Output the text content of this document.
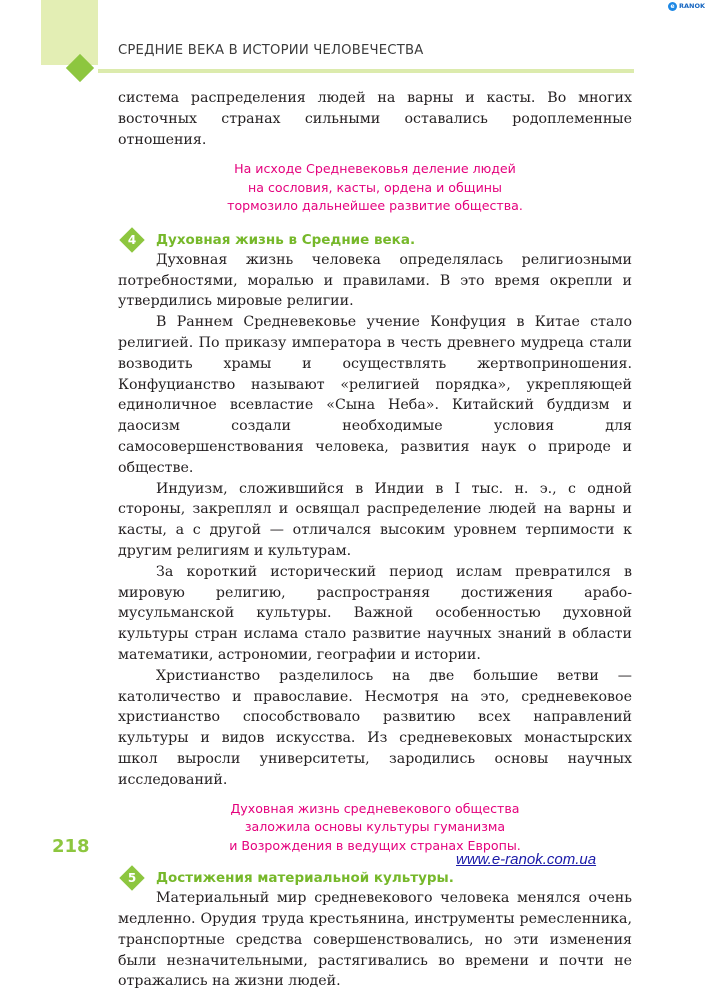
СРЕДНИЕ ВЕКА В ИСТОРИИ ЧЕЛОВЕЧЕСТВА
e RANOK

система распределения людей на варны и касты. Во многих восточных странах сильными оставались родоплеменные отношения.

На исходе Средневековья деление людей
на сословия, касты, ордена и общины
тормозило дальнейшее развитие общества.
4	Духовная жизнь в Средние века.

Духовная жизнь человека определялась религиозными потребностями, моралью и правилами. В это время окрепли и утвердились мировые религии.

В Раннем Средневековье учение Конфуция в Китае стало религией. По приказу императора в честь древнего мудреца стали возводить храмы и осуществлять жертвоприношения. Конфуцианство называют «религией порядка», укрепляющей единоличное всевластие «Сына Неба». Китайский буддизм и даосизм создали необходимые условия для самосовершенствования человека, развития наук о природе и обществе.

Индуизм, сложившийся в Индии в I тыс. н. э., с одной стороны, закреплял и освящал распределение людей на варны и касты, а с другой — отличался высоким уровнем терпимости к другим религиям и культурам.

За короткий исторический период ислам превратился в мировую религию, распространяя достижения арабо-мусульманской культуры. Важной особенностью духовной культуры стран ислама стало развитие научных знаний в области математики, астрономии, географии и истории.

Христианство разделилось на две большие ветви — католичество и православие. Несмотря на это, средневековое христианство способствовало развитию всех направлений культуры и видов искусства. Из средневековых монастырских школ выросли университеты, зародились основы научных исследований.

Духовная жизнь средневекового общества
заложила основы культуры гуманизма
и Возрождения в ведущих странах Европы.
5	Достижения материальной культуры.

Материальный мир средневекового человека менялся очень медленно. Орудия труда крестьянина, инструменты ремесленника, транспортные средства совершенствовались, но эти изменения были незначительными, растягивались во времени и почти не отражались на жизни людей.

218

www.e-ranok.com.ua
